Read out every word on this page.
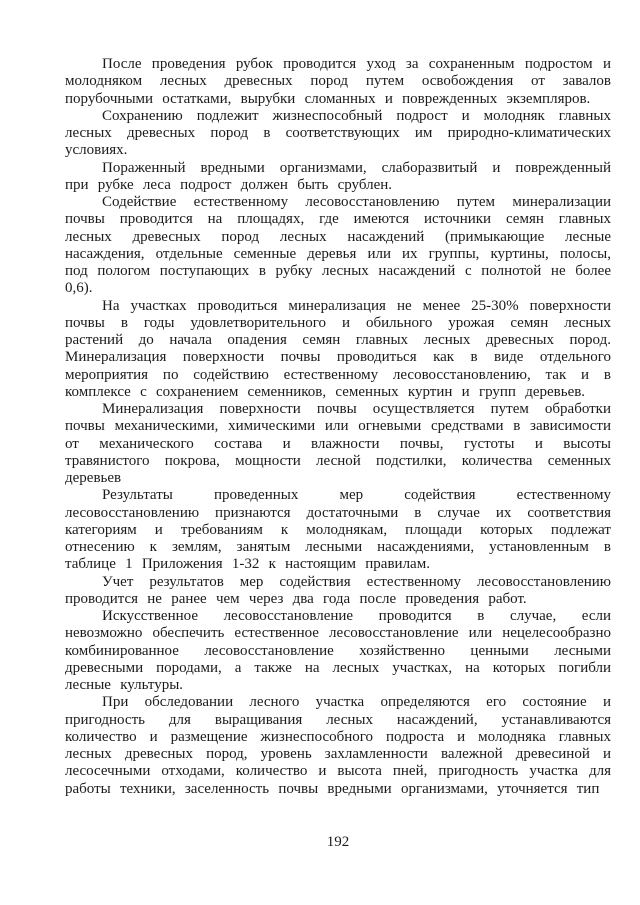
После проведения рубок проводится уход за сохраненным подростом и молодняком лесных древесных пород путем освобождения от завалов порубочными остатками, вырубки сломанных и поврежденных экземпляров.

Сохранению подлежит жизнеспособный подрост и молодняк главных лесных древесных пород в соответствующих им природно-климатических условиях.

Пораженный вредными организмами, слаборазвитый и поврежденный при рубке леса подрост должен быть срублен.

Содействие естественному лесовосстановлению путем минерализации почвы проводится на площадях, где имеются источники семян главных лесных древесных пород лесных насаждений (примыкающие лесные насаждения, отдельные семенные деревья или их группы, куртины, полосы, под пологом поступающих в рубку лесных насаждений с полнотой не более 0,6).

На участках проводиться минерализация не менее 25-30% поверхности почвы в годы удовлетворительного и обильного урожая семян лесных растений до начала опадения семян главных лесных древесных пород. Минерализация поверхности почвы проводиться как в виде отдельного мероприятия по содействию естественному лесовосстановлению, так и в комплексе с сохранением семенников, семенных куртин и групп деревьев.

Минерализация поверхности почвы осуществляется путем обработки почвы механическими, химическими или огневыми средствами в зависимости от механического состава и влажности почвы, густоты и высоты травянистого покрова, мощности лесной подстилки, количества семенных деревьев

Результаты проведенных мер содействия естественному лесовосстановлению признаются достаточными в случае их соответствия категориям и требованиям к молоднякам, площади которых подлежат отнесению к землям, занятым лесными насаждениями, установленным в таблице 1 Приложения 1-32 к настоящим правилам.

Учет результатов мер содействия естественному лесовосстановлению проводится не ранее чем через два года после проведения работ.

Искусственное лесовосстановление проводится в случае, если невозможно обеспечить естественное лесовосстановление или нецелесообразно комбинированное лесовосстановление хозяйственно ценными лесными древесными породами, а также на лесных участках, на которых погибли лесные культуры.

При обследовании лесного участка определяются его состояние и пригодность для выращивания лесных насаждений, устанавливаются количество и размещение жизнеспособного подроста и молодняка главных лесных древесных пород, уровень захламленности валежной древесиной и лесосечными отходами, количество и высота пней, пригодность участка для работы техники, заселенность почвы вредными организмами, уточняется тип

192
